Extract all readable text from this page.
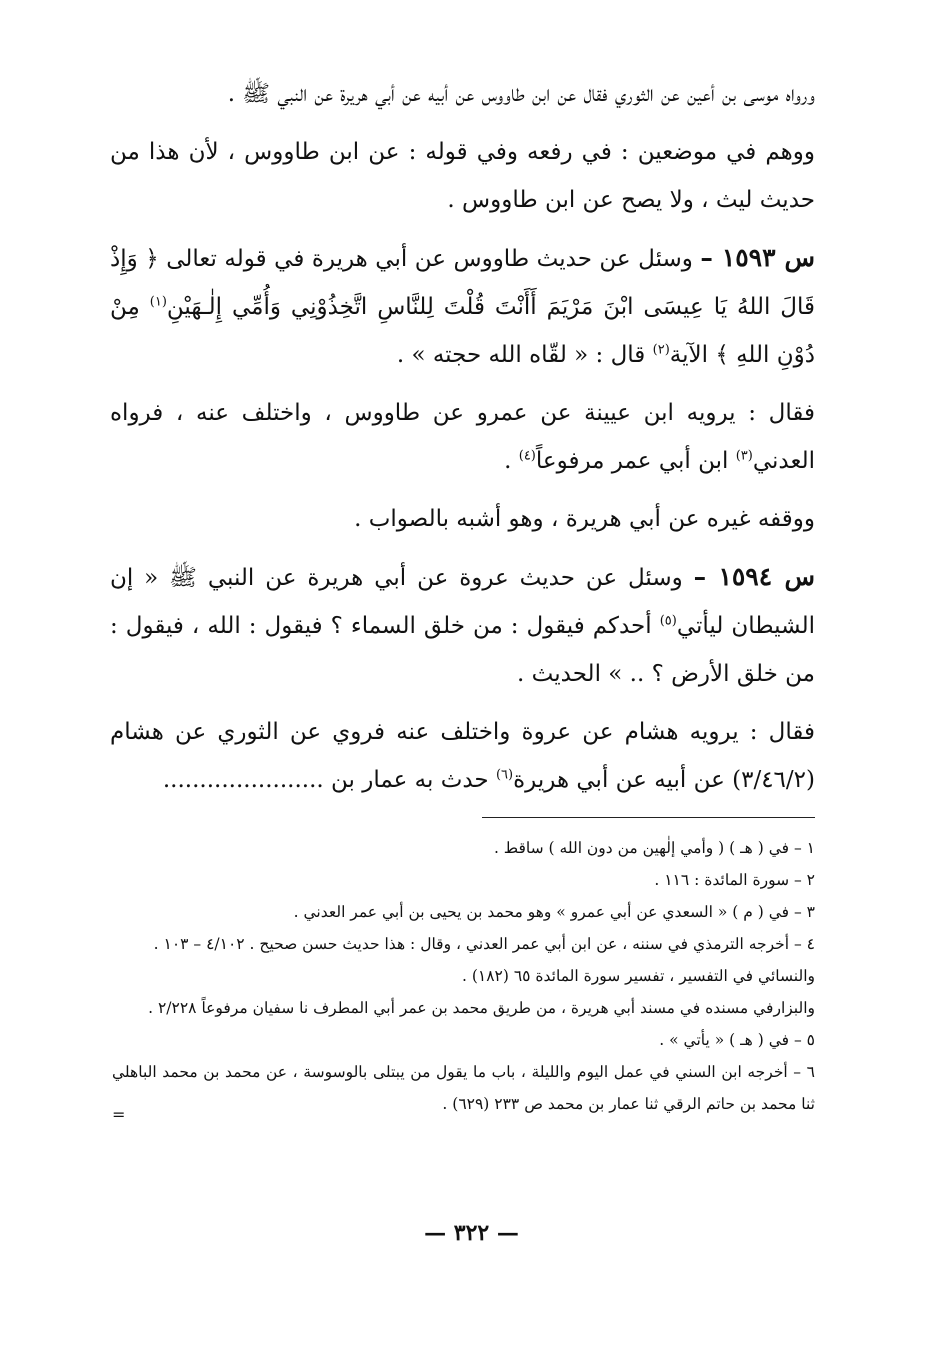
ورواه موسى بن أعين عن الثوري فقال عن ابن طاووس عن أبيه عن أبي هريرة عن النبي ﷺ .

ووهم في موضعين : في رفعه وفي قوله : عن ابن طاووس ، لأن هذا من حديث ليث ، ولا يصح عن ابن طاووس .

س ١٥٩٣ – وسئل عن حديث طاووس عن أبي هريرة في قوله تعالى ﴿ وَإِذْ قَالَ اللهُ يَا عِيسَى ابْنَ مَرْيَمَ أَأَنْتَ قُلْتَ لِلنَّاسِ اتَّخِذُوْنِي وَأُمِّي إِلٰـهَيْنِ$^{(١)}$ مِنْ دُوْنِ اللهِ ﴾ الآية$^{(٢)}$ قال : « لقّاه الله حجته » .

فقال : يرويه ابن عيينة عن عمرو عن طاووس ، واختلف عنه ، فرواه العدني$^{(٣)}$ ابن أبي عمر مرفوعاً$^{(٤)}$ .

ووقفه غيره عن أبي هريرة ، وهو أشبه بالصواب .

س ١٥٩٤ – وسئل عن حديث عروة عن أبي هريرة عن النبي ﷺ « إن الشيطان ليأتي$^{(٥)}$ أحدكم فيقول : من خلق السماء ؟ فيقول : الله ، فيقول : من خلق الأرض ؟ .. » الحديث .

فقال : يرويه هشام عن عروة واختلف عنه فروي عن الثوري عن هشام (٣/٤٦/٢) عن أبيه عن أبي هريرة$^{(٦)}$ حدث به عمار بن ......................

١ – في ( هـ ) ( وأمي إلٰهين من دون الله ) ساقط .

٢ – سورة المائدة : ١١٦ .

٣ – في ( م ) « السعدي عن أبي عمرو » وهو محمد بن يحيى بن أبي عمر العدني .

٤ – أخرجه الترمذي في سننه ، عن ابن أبي عمر العدني ، وقال : هذا حديث حسن صحيح . ٤/١٠٢ – ١٠٣ .

والنسائي في التفسير ، تفسير سورة المائدة ٦٥ (١٨٢) .

والبزارفي مسنده في مسند أبي هريرة ، من طريق محمد بن عمر أبي المطرف نا سفيان مرفوعاً ٢/٢٢٨ .

٥ – في ( هـ ) « يأتي » .

٦ – أخرجه ابن السني في عمل اليوم والليلة ، باب ما يقول من يبتلى بالوسوسة ، عن محمد بن محمد الباهلي ثنا محمد بن حاتم الرقي ثنا عمار بن محمد ص ٢٣٣ (٦٢٩) .

=
— ٣٢٢ —
